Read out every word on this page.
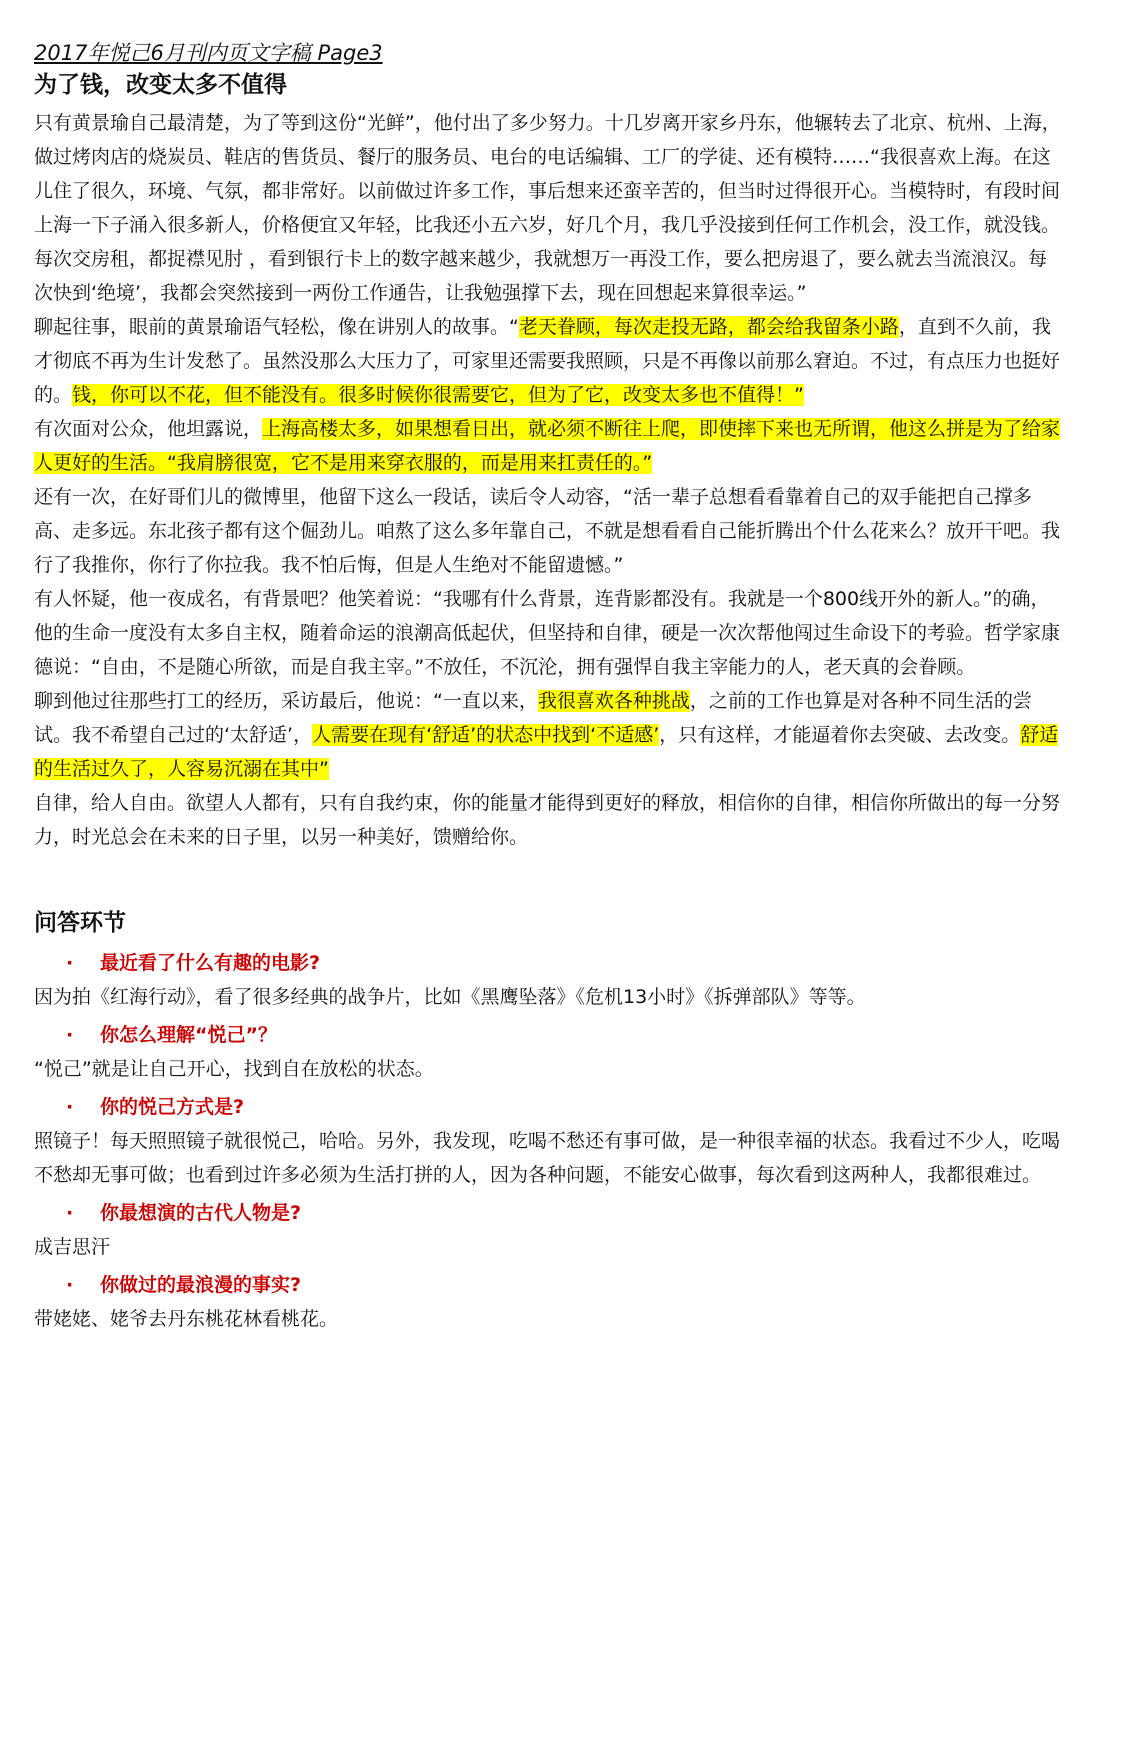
2017年悦己6月刊内页文字稿 Page3

为了钱，改变太多不值得

只有黄景瑜自己最清楚，为了等到这份“光鲜”，他付出了多少努力。十几岁离开家乡丹东，他辗转去了北京、杭州、上海，做过烤肉店的烧炭员、鞋店的售货员、餐厅的服务员、电台的电话编辑、工厂的学徒、还有模特……“我很喜欢上海。在这儿住了很久，环境、气氛，都非常好。以前做过许多工作，事后想来还蛮辛苦的，但当时过得很开心。当模特时，有段时间上海一下子涌入很多新人，价格便宜又年轻，比我还小五六岁，好几个月，我几乎没接到任何工作机会，没工作，就没钱。每次交房租，都捉襟见肘 ，看到银行卡上的数字越来越少，我就想万一再没工作，要么把房退了，要么就去当流浪汉。每次快到‘绝境’，我都会突然接到一两份工作通告，让我勉强撑下去，现在回想起来算很幸运。”

聊起往事，眼前的黄景瑜语气轻松，像在讲别人的故事。“老天眷顾，每次走投无路，都会给我留条小路，直到不久前，我才彻底不再为生计发愁了。虽然没那么大压力了，可家里还需要我照顾，只是不再像以前那么窘迫。不过，有点压力也挺好的。钱，你可以不花，但不能没有。很多时候你很需要它，但为了它，改变太多也不值得！”

有次面对公众，他坦露说，上海高楼太多，如果想看日出，就必须不断往上爬，即使摔下来也无所谓，他这么拼是为了给家人更好的生活。“我肩膀很宽，它不是用来穿衣服的，而是用来扛责任的。”

还有一次，在好哥们儿的微博里，他留下这么一段话，读后令人动容，“活一辈子总想看看靠着自己的双手能把自己撑多高、走多远。东北孩子都有这个倔劲儿。咱熬了这么多年靠自己，不就是想看看自己能折腾出个什么花来么？放开干吧。我行了我推你，你行了你拉我。我不怕后悔，但是人生绝对不能留遗憾。”

有人怀疑，他一夜成名，有背景吧？他笑着说：“我哪有什么背景，连背影都没有。我就是一个800线开外的新人。”的确，他的生命一度没有太多自主权，随着命运的浪潮高低起伏，但坚持和自律，硬是一次次帮他闯过生命设下的考验。哲学家康德说：“自由，不是随心所欲，而是自我主宰。”不放任，不沉沦，拥有强悍自我主宰能力的人，老天真的会眷顾。

聊到他过往那些打工的经历，采访最后，他说：“一直以来，我很喜欢各种挑战，之前的工作也算是对各种不同生活的尝试。我不希望自己过的‘太舒适’，人需要在现有‘舒适’的状态中找到‘不适感’，只有这样，才能逼着你去突破、去改变。舒适的生活过久了，人容易沉溺在其中”

自律，给人自由。欲望人人都有，只有自我约束，你的能量才能得到更好的释放，相信你的自律，相信你所做出的每一分努力，时光总会在未来的日子里，以另一种美好，馈赠给你。

问答环节

·	最近看了什么有趣的电影?

因为拍《红海行动》，看了很多经典的战争片，比如《黑鹰坠落》《危机13小时》《拆弹部队》等等。

·	你怎么理解“悦己”？

“悦己”就是让自己开心，找到自在放松的状态。

·	你的悦己方式是?

照镜子！每天照照镜子就很悦己，哈哈。另外，我发现，吃喝不愁还有事可做，是一种很幸福的状态。我看过不少人，吃喝不愁却无事可做；也看到过许多必须为生活打拼的人，因为各种问题，不能安心做事，每次看到这两种人，我都很难过。

·	你最想演的古代人物是?

成吉思汗

·	你做过的最浪漫的事实?

带姥姥、姥爷去丹东桃花林看桃花。
